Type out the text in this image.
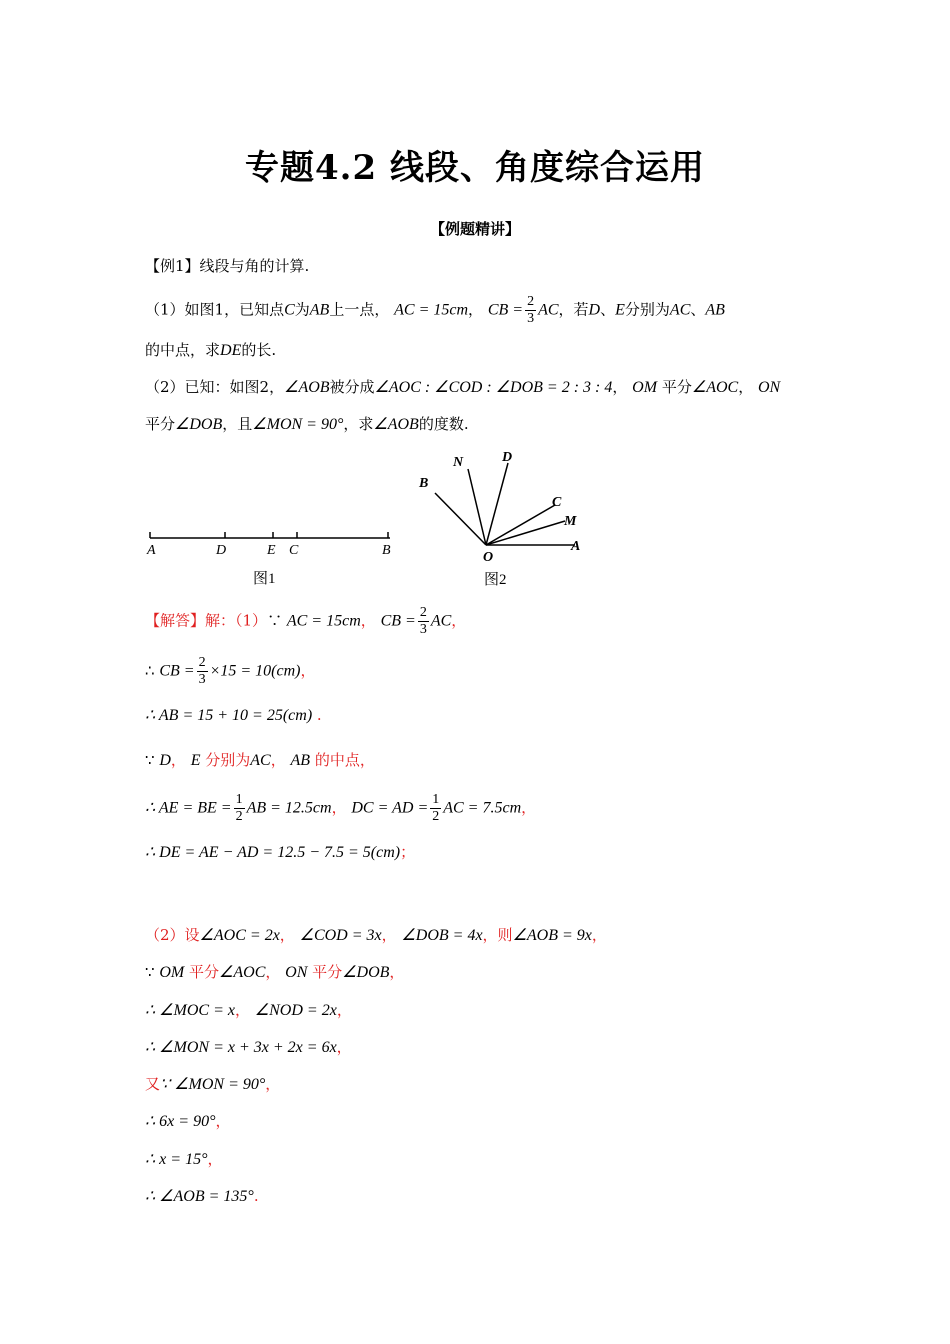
专题4.2 线段、角度综合运用
【例题精讲】
【例1】线段与角的计算.
（1）如图1，已知点C为AB上一点， AC = 15cm， CB = $\frac{2}{3}$ AC，若D、E分别为AC、AB
的中点，求DE的长.
（2）已知：如图2，∠AOB被分成∠AOC : ∠COD : ∠DOB = 2 : 3 : 4， OM 平分∠AOC， ON
平分∠DOB，且∠MON = 90°，求∠AOB的度数.
A	D	E C	B
图1
N	D
B
C
M
A
O
图2
【解答】解：（1）∵ AC = 15cm， CB = $\frac{2}{3}$ AC，
∴ CB = $\frac{2}{3} \times 15 = 10(cm)$，
∴ AB = 15 + 10 = 25(cm) .
∵ D， E 分别为AC， AB 的中点，
∴ AE = BE = $\frac{1}{2}$ AB = 12.5cm， DC = AD = $\frac{1}{2}$ AC = 7.5cm，
∴ DE = AE − AD = 12.5 − 7.5 = 5(cm)；
（2）设∠AOC = 2x， ∠COD = 3x， ∠DOB = 4x，则∠AOB = 9x，
∵ OM 平分∠AOC， ON 平分∠DOB，
∴ ∠MOC = x， ∠NOD = 2x，
∴ ∠MON = x + 3x + 2x = 6x，
又∵ ∠MON = 90°，
∴ 6x = 90°，
∴ x = 15°，
∴ ∠AOB = 135°.
